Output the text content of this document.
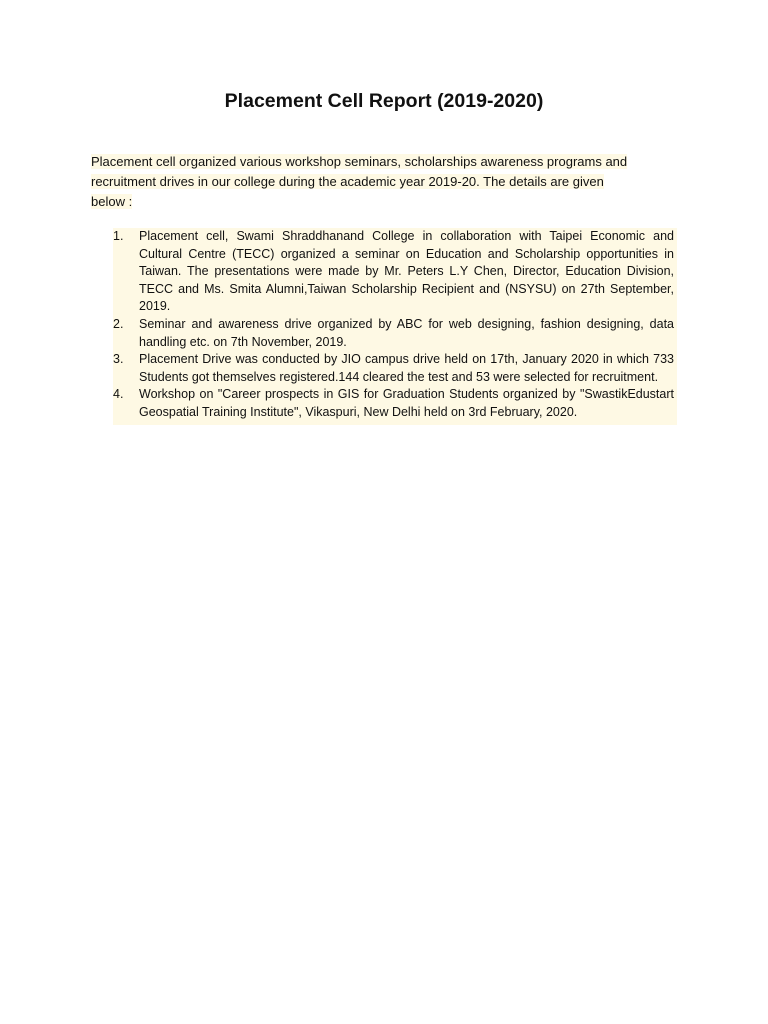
Placement Cell Report (2019-2020)

Placement cell organized various workshop seminars, scholarships awareness programs and
recruitment drives in our college during the academic year 2019-20. The details are given
below :

1.	Placement cell, Swami Shraddhanand College in collaboration with Taipei Economic and Cultural Centre (TECC) organized a seminar on Education and Scholarship opportunities in Taiwan. The presentations were made by Mr. Peters L.Y Chen, Director, Education Division, TECC and Ms. Smita Alumni,Taiwan Scholarship Recipient and (NSYSU) on 27th September, 2019.
2.	Seminar and awareness drive organized by ABC for web designing, fashion designing, data handling etc. on 7th November, 2019.
3.	Placement Drive was conducted by JIO campus drive held on 17th, January 2020 in which 733 Students got themselves registered.144 cleared the test and 53 were selected for recruitment.
4.	Workshop on "Career prospects in GIS for Graduation Students organized by "SwastikEdustart Geospatial Training Institute", Vikaspuri, New Delhi held on 3rd February, 2020.
